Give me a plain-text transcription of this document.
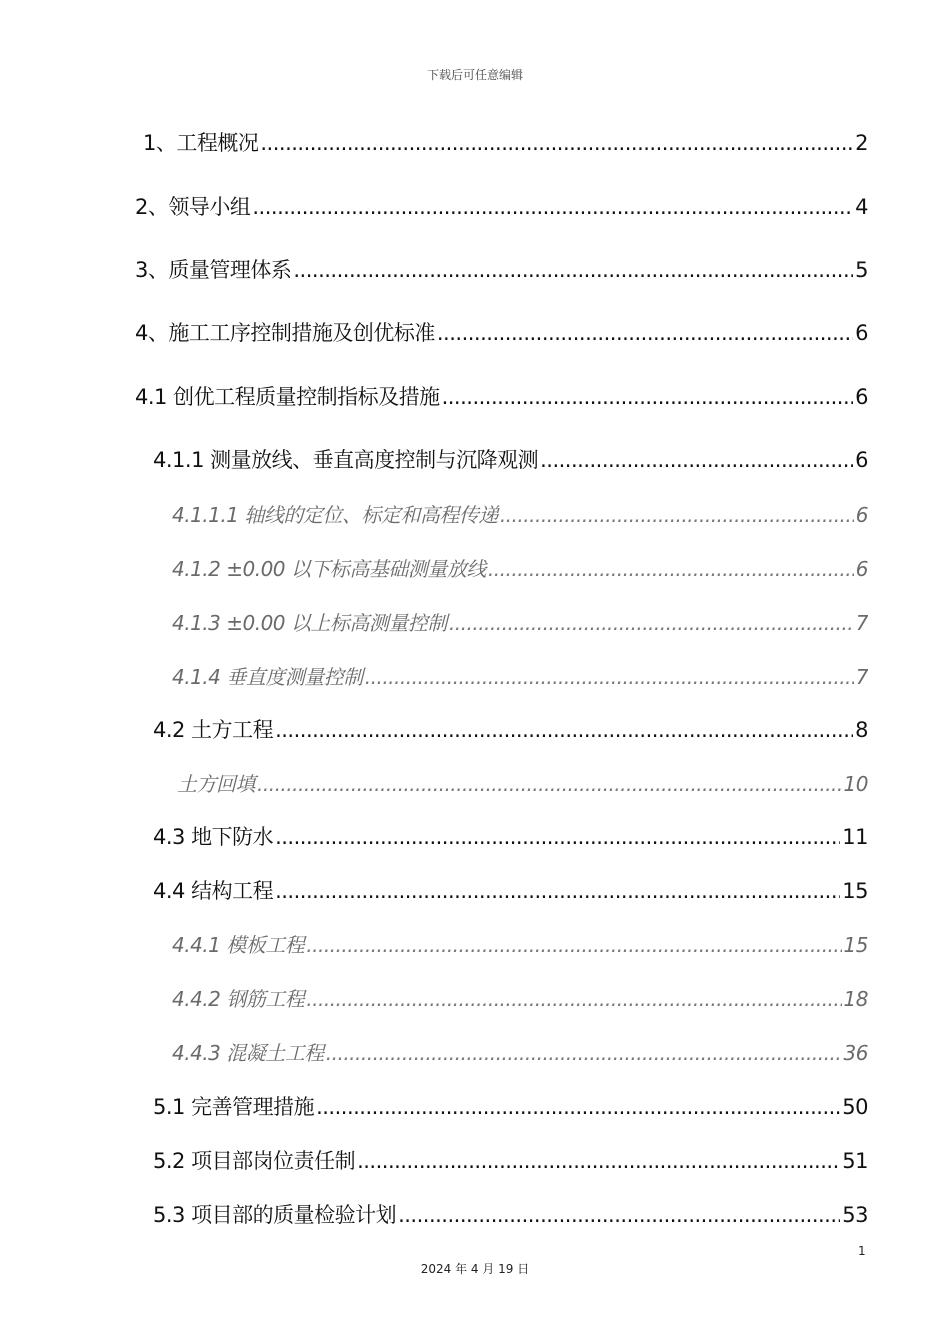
下载后可任意编辑
1、工程概况 .....	2
2、领导小组 .....	4
3、质量管理体系 .....	5
4、施工工序控制措施及创优标准 .....	6
4.1 创优工程质量控制指标及措施 .....	6
4.1.1 测量放线、垂直高度控制与沉降观测 .....	6
4.1.1.1 轴线的定位、标定和高程传递 .....	6
4.1.2 ±0.00 以下标高基础测量放线 .....	6
4.1.3 ±0.00 以上标高测量控制 .....	7
4.1.4 垂直度测量控制 .....	7
4.2 土方工程 .....	8
土方回填 .....	10
4.3 地下防水 .....	11
4.4 结构工程 .....	15
4.4.1 模板工程 .....	15
4.4.2 钢筋工程 .....	18
4.4.3 混凝土工程 .....	36
5.1 完善管理措施 .....	50
5.2 项目部岗位责任制 .....	51
5.3 项目部的质量检验计划 .....	53
1
2024 年 4 月 19 日
